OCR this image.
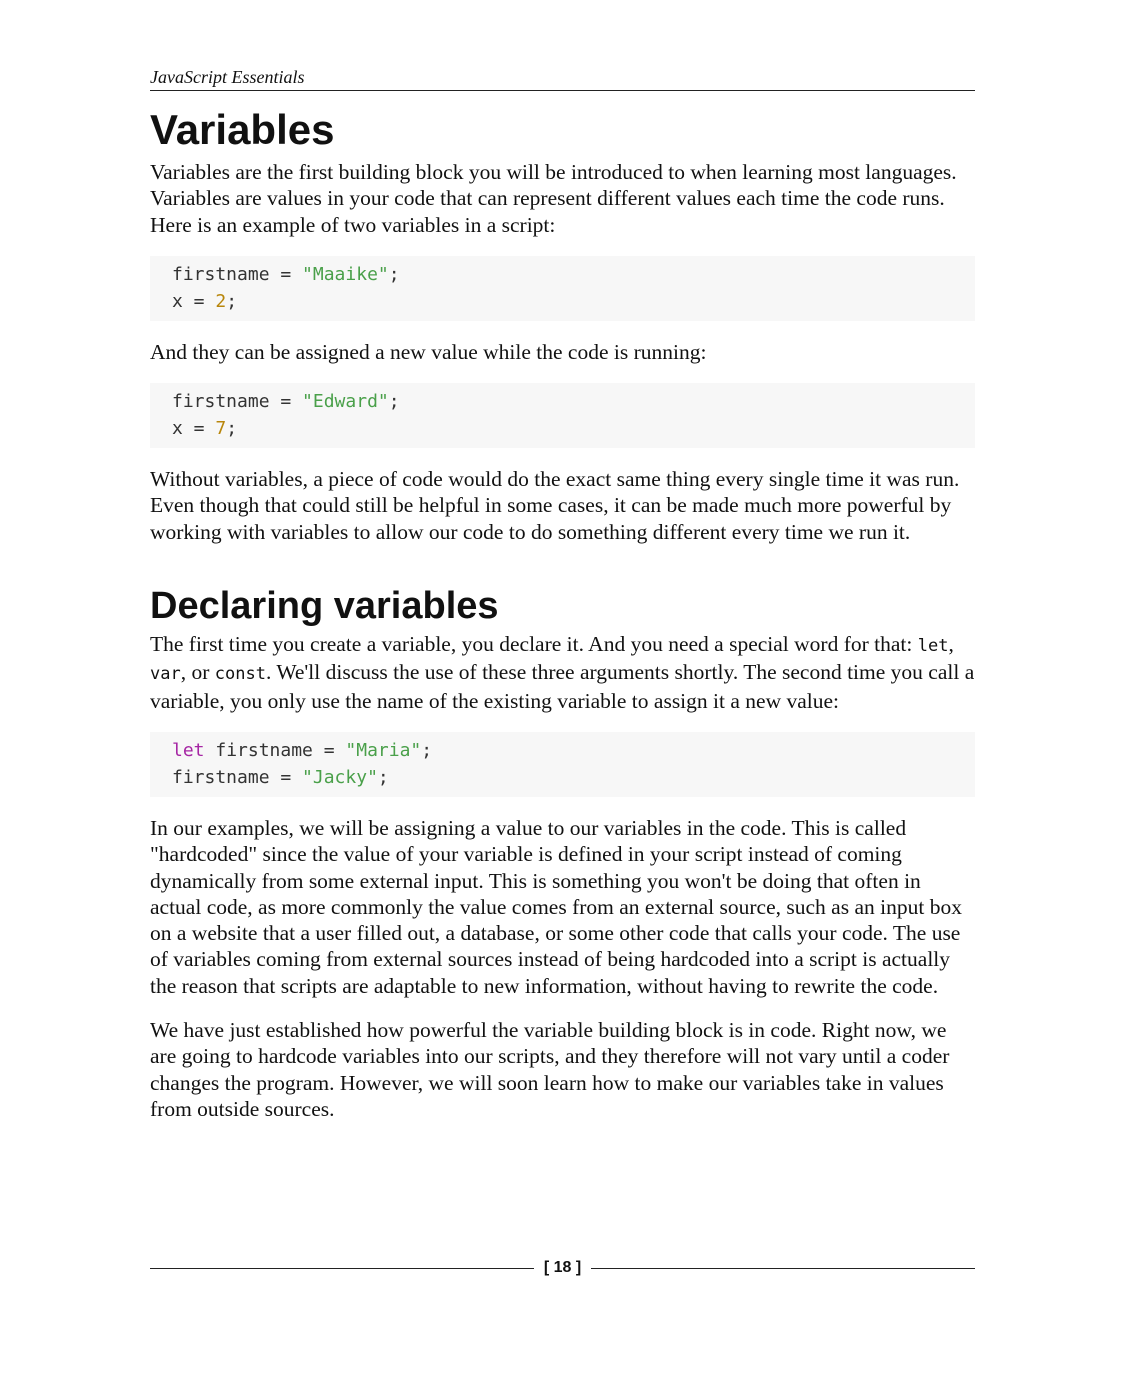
JavaScript Essentials
Variables

Variables are the first building block you will be introduced to when learning most languages. Variables are values in your code that can represent different values each time the code runs. Here is an example of two variables in a script:

firstname = "Maaike";
x = 2;

And they can be assigned a new value while the code is running:

firstname = "Edward";
x = 7;

Without variables, a piece of code would do the exact same thing every single time it was run. Even though that could still be helpful in some cases, it can be made much more powerful by working with variables to allow our code to do something different every time we run it.

Declaring variables

The first time you create a variable, you declare it. And you need a special word for that: let, var, or const. We'll discuss the use of these three arguments shortly. The second time you call a variable, you only use the name of the existing variable to assign it a new value:

let firstname = "Maria";
firstname = "Jacky";

In our examples, we will be assigning a value to our variables in the code. This is called "hardcoded" since the value of your variable is defined in your script instead of coming dynamically from some external input. This is something you won't be doing that often in actual code, as more commonly the value comes from an external source, such as an input box on a website that a user filled out, a database, or some other code that calls your code. The use of variables coming from external sources instead of being hardcoded into a script is actually the reason that scripts are adaptable to new information, without having to rewrite the code.

We have just established how powerful the variable building block is in code. Right now, we are going to hardcode variables into our scripts, and they therefore will not vary until a coder changes the program. However, we will soon learn how to make our variables take in values from outside sources.

[ 18 ]
